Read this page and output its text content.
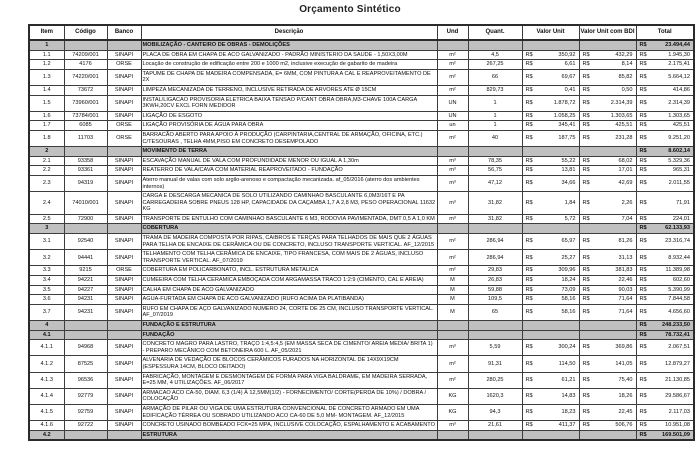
Orçamento Sintético
Item	Código	Banco	Descrição	Und	Quant.	Valor Unit	Valor Unit com BDI	Total
1			MOBILIZAÇÃO - CANTEIRO DE OBRAS - DEMOLIÇÕES					R$ 23.494,44

1.1	74209/001	SINAPI	PLACA DE OBRA EM CHAPA DE ACO GALVANIZADO - PADRÃO MINISTERIO DA SAUDE - 1,50X3,00M	m²	4,5	R$ 350,92	R$ 432,29	R$ 1.945,30

1.2	4176	ORSE	Locação de construção de edificação entre 200 e 1000 m2, inclusive execução de gabarito de madeira	m²	267,25	R$ 6,61	R$ 8,14	R$ 2.175,41

1.3	74220/001	SINAPI	TAPUME DE CHAPA DE MADEIRA COMPENSADA, E= 6MM, COM PINTURA A CAL E REAPROVEITAMENTO DE 2X	m²	66	R$ 69,67	R$ 85,82	R$ 5.664,12

1.4	73672	SINAPI	LIMPEZA MECANIZADA DE TERRENO, INCLUSIVE RETIRADA DE ARVORES ATE Ø 15CM	m²	829,73	R$ 0,41	R$ 0,50	R$ 414,86

1.5	73960/001	SINAPI	INSTAL/LIGACAO PROVISORIA ELETRICA BAIXA TENSAO P/CANT OBRA OBRA,M3-CHAVE 100A CARGA 3KWH,20CV EXCL FORN MEDIDOR	UN	1	R$ 1.878,72	R$ 2.314,39	R$ 2.314,39

1.6	73784/001	SINAPI	LIGAÇÃO DE ESGOTO	UN	1	R$ 1.058,25	R$ 1.303,65	R$ 1.303,65

1.7	6085	ORSE	LIGAÇÃO PROVISÓRIA DE ÁGUA PARA OBRA	un	1	R$ 345,41	R$ 425,51	R$ 425,51

1.8	11703	ORSE	BARRACÃO ABERTO PARA APOIO À PRODUÇÃO (CARPINTARIA,CENTRAL DE ARMAÇÃO, OFICINA, ETC.) C/TESOURAS , TELHA 4MM,PISO EM CONCRETO DESEMPOLADO	m²	40	R$ 187,75	R$ 231,28	R$ 9.251,20

2			MOVIMENTO DE TERRA					R$ 8.602,14

2.1	93358	SINAPI	ESCAVAÇÃO MANUAL DE VALA COM PROFUNDIDADE MENOR OU IGUAL A 1,30m	m³	78,35	R$ 55,22	R$ 68,02	R$ 5.329,36

2.2	93361	SINAPI	REATERRO DE VALA/CAVA COM MATERIAL REAPROVEITADO - FUNDAÇÃO	m³	56,75	R$ 13,81	R$ 17,01	R$ 965,31

2.3	94319	SINAPI	Aterro manual de valas com solo argilo-arenoso e compactação mecanizada. af_05/2016 (aterro dos ambientes internos)	m³	47,12	R$ 34,66	R$ 42,69	R$ 2.011,55

2.4	74010/001	SINAPI	CARGA E DESCARGA MECANICA DE SOLO UTILIZANDO CAMINHAO BASCULANTE 6,0M3/16T E PA CARREGADEIRA SOBRE PNEUS 128 HP, CAPACIDADE DA CAÇAMBA 1,7 A 2,8 M3, PESO OPERACIONAL 11632 KG	m³	31,82	R$ 1,84	R$ 2,26	R$ 71,91

2.5	72900	SINAPI	TRANSPORTE DE ENTULHO COM CAMINHAO BASCULANTE 6 M3, RODOVIA PAVIMENTADA, DMT 0,5 A 1,0 KM	m³	31,82	R$ 5,72	R$ 7,04	R$ 224,01

3			COBERTURA					R$ 62.133,93

3.1	92540	SINAPI	TRAMA DE MADEIRA COMPOSTA POR RIPAS, CAIBROS E TERÇAS PARA TELHADOS DE MAIS QUE 2 ÁGUAS PARA TELHA DE ENCAIXE DE CERÂMICA OU DE CONCRETO, INCLUSO TRANSPORTE VERTICAL. AF_12/2015	m²	286,94	R$ 65,97	R$ 81,26	R$ 23.316,74

3.2	94441	SINAPI	TELHAMENTO COM TELHA CERÂMICA DE ENCAIXE, TIPO FRANCESA, COM MAIS DE 2 ÁGUAS, INCLUSO TRANSPORTE VERTICAL. AF_07/2019	m²	286,94	R$ 25,27	R$ 31,13	R$ 8.932,44

3.3	9215	ORSE	COBERTURA EM POLICARBONATO, INCL. ESTRUTURA METALICA	m²	29,83	R$ 309,96	R$ 381,83	R$ 11.389,98

3.4	94221	SINAPI	CUMEEIRA COM TELHA CERAMICA EMBOÇADA COM ARGAMASSA TRACO 1:2:9 (CIMENTO, CAL E AREIA)	M	26,83	R$ 18,24	R$ 22,46	R$ 602,60

3.5	94227	SINAPI	CALHA EM CHAPA DE ACO GALVANIZADO	M	59,88	R$ 73,09	R$ 90,03	R$ 5.390,99

3.6	94231	SINAPI	AGUA-FURTADA EM CHAPA DE ACO GALVANIZADO (RUFO ACIMA DA PLATIBANDA)	M	109,5	R$ 58,16	R$ 71,64	R$ 7.844,58

3.7	94231	SINAPI	RUFO EM CHAPA DE AÇO GALVANIZADO NUMERO 24, CORTE DE 25 CM, INCLUSO TRANSPORTE VERTICAL. AF_07/2019	M	65	R$ 58,16	R$ 71,64	R$ 4.656,60

4			FUNDAÇÃO E ESTRUTURA					R$ 248.233,50

4.1			FUNDAÇÃO					R$ 78.732,41

4.1.1	94968	SINAPI	CONCRETO MAGRO PARA LASTRO, TRAÇO 1:4,5:4,5 (EM MASSA SECA DE CIMENTO/ AREIA MEDIA/ BRITA 1) - PREPARO MECÂNICO COM BETONEIRA 600 L. AF_05/2021	m³	5,59	R$ 300,24	R$ 369,86	R$ 2.067,51

4.1.2	87525	SINAPI	ALVENARIA DE VEDAÇÃO DE BLOCOS CERÂMICOS FURADOS NA HORIZONTAL DE 14X9X19CM (ESPESSURA 14CM, BLOCO DEITADO)	m²	91,31	R$ 114,50	R$ 141,05	R$ 12.879,27

4.1.3	96536	SINAPI	FABRICAÇÃO, MONTAGEM E DESMONTAGEM DE FORMA PARA VIGA BALDRAME, EM MADEIRA SERRADA, E=25 MM, 4 UTILIZAÇÕES. AF_06/2017	m²	280,25	R$ 61,21	R$ 75,40	R$ 21.130,85

4.1.4	92779	SINAPI	ARMACAO ACO CA-50, DIAM. 6,3 (1/4) À 12,5MM(1/2) - FORNECIMENTO/ CORTE(PERDA DE 10%) / DOBRA / COLOCAÇÃO	KG	1620,3	R$ 14,83	R$ 18,26	R$ 29.586,67

4.1.5	92759	SINAPI	ARMAÇÃO DE PILAR OU VIGA DE UMA ESTRUTURA CONVENCIONAL DE CONCRETO ARMADO EM UMA EDIFICAÇÃO TÉRREA OU SOBRADO UTILIZANDO ACO CA-60 DE 5,0 MM- MONTAGEM. AF_12/2015	KG	94,3	R$ 18,23	R$ 22,45	R$ 2.117,03

4.1.6	92722	SINAPI	CONCRETO USINADO BOMBEADO FCK=25 MPA, INCLUSIVE COLOCAÇÃO, ESPALHAMENTO E ACABAMENTO	m³	21,61	R$ 411,37	R$ 506,76	R$ 10.951,08

4.2			ESTRUTURA					R$ 169.501,09
